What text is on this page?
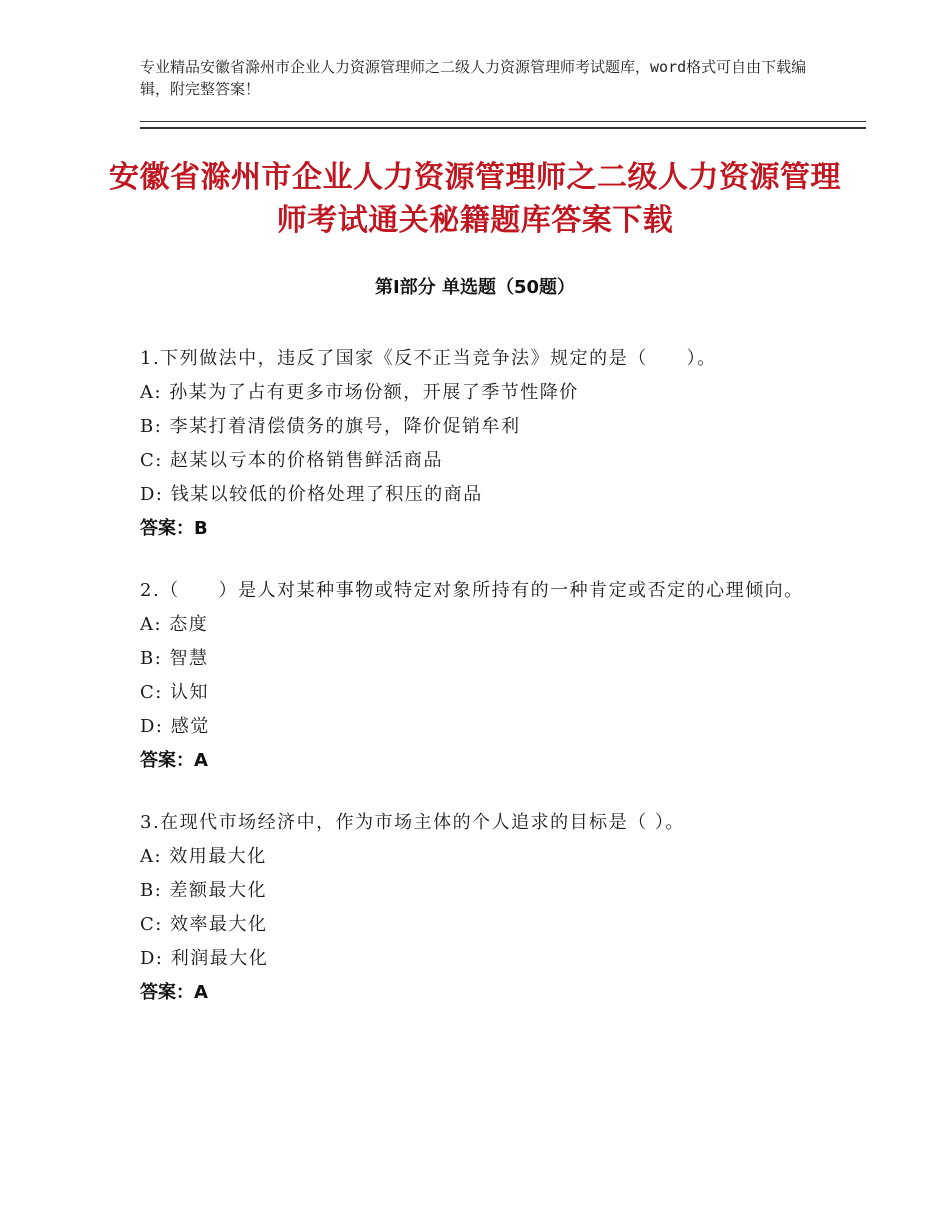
专业精品安徽省滁州市企业人力资源管理师之二级人力资源管理师考试题库，word格式可自由下载编辑，附完整答案！
安徽省滁州市企业人力资源管理师之二级人力资源管理师考试通关秘籍题库答案下载
第Ⅰ部分 单选题（50题）
1.下列做法中，违反了国家《反不正当竞争法》规定的是（　　）。
A: 孙某为了占有更多市场份额，开展了季节性降价
B: 李某打着清偿债务的旗号，降价促销牟利
C: 赵某以亏本的价格销售鲜活商品
D: 钱某以较低的价格处理了积压的商品
答案：B
2.（　　）是人对某种事物或特定对象所持有的一种肯定或否定的心理倾向。
A: 态度
B: 智慧
C: 认知
D: 感觉
答案：A
3.在现代市场经济中，作为市场主体的个人追求的目标是（ ）。
A: 效用最大化
B: 差额最大化
C: 效率最大化
D: 利润最大化
答案：A
